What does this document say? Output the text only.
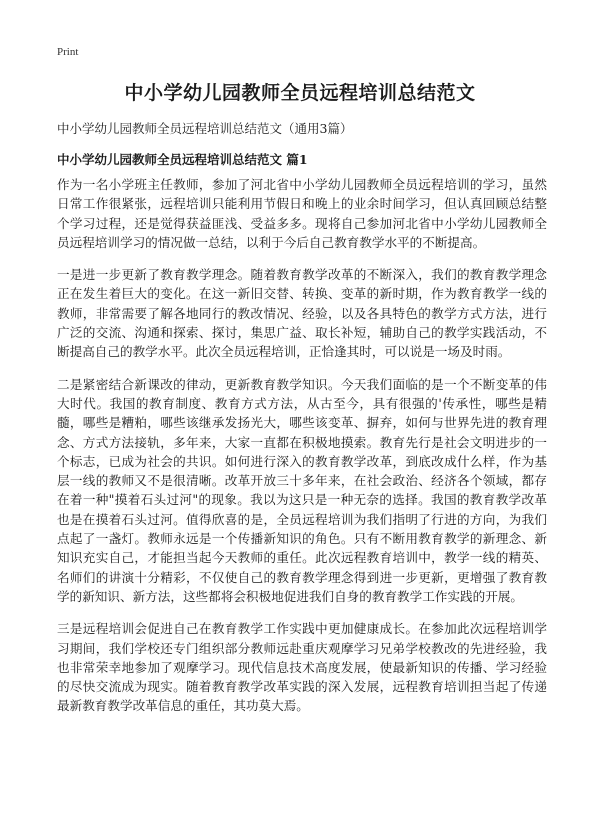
Print
中小学幼儿园教师全员远程培训总结范文

中小学幼儿园教师全员远程培训总结范文（通用3篇）

中小学幼儿园教师全员远程培训总结范文 篇1

作为一名小学班主任教师，参加了河北省中小学幼儿园教师全员远程培训的学习，虽然日常工作很紧张，远程培训只能利用节假日和晚上的业余时间学习，但认真回顾总结整个学习过程，还是觉得获益匪浅、受益多多。现将自己参加河北省中小学幼儿园教师全员远程培训学习的情况做一总结，以利于今后自己教育教学水平的不断提高。

一是进一步更新了教育教学理念。随着教育教学改革的不断深入，我们的教育教学理念正在发生着巨大的变化。在这一新旧交替、转换、变革的新时期，作为教育教学一线的教师，非常需要了解各地同行的教改情况、经验，以及各具特色的教学方式方法，进行广泛的交流、沟通和探索、探讨，集思广益、取长补短，辅助自己的教学实践活动，不断提高自己的教学水平。此次全员远程培训，正恰逢其时，可以说是一场及时雨。

二是紧密结合新课改的律动，更新教育教学知识。今天我们面临的是一个不断变革的伟大时代。我国的教育制度、教育方式方法，从古至今，具有很强的'传承性，哪些是精髓，哪些是糟粕，哪些该继承发扬光大，哪些该变革、摒弃，如何与世界先进的教育理念、方式方法接轨，多年来，大家一直都在积极地摸索。教育先行是社会文明进步的一个标志，已成为社会的共识。如何进行深入的教育教学改革，到底改成什么样，作为基层一线的教师又不是很清晰。改革开放三十多年来，在社会政治、经济各个领域，都存在着一种"摸着石头过河"的现象。我以为这只是一种无奈的选择。我国的教育教学改革也是在摸着石头过河。值得欣喜的是，全员远程培训为我们指明了行进的方向，为我们点起了一盏灯。教师永远是一个传播新知识的角色。只有不断用教育教学的新理念、新知识充实自己，才能担当起今天教师的重任。此次远程教育培训中，教学一线的精英、名师们的讲演十分精彩，不仅使自己的教育教学理念得到进一步更新，更增强了教育教学的新知识、新方法，这些都将会积极地促进我们自身的教育教学工作实践的开展。

三是远程培训会促进自己在教育教学工作实践中更加健康成长。在参加此次远程培训学习期间，我们学校还专门组织部分教师远赴重庆观摩学习兄弟学校教改的先进经验，我也非常荣幸地参加了观摩学习。现代信息技术高度发展，使最新知识的传播、学习经验的尽快交流成为现实。随着教育教学改革实践的深入发展，远程教育培训担当起了传递最新教育教学改革信息的重任，其功莫大焉。
